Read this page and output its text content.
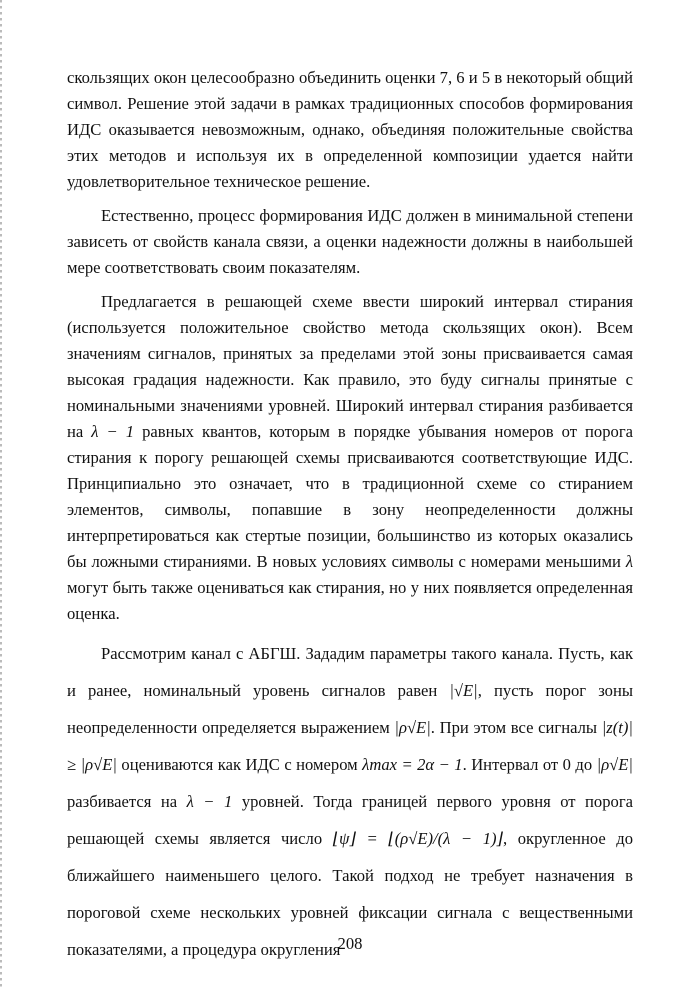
скользящих окон целесообразно объединить оценки 7, 6 и 5 в некоторый общий символ. Решение этой задачи в рамках традиционных способов формирования ИДС оказывается невозможным, однако, объединяя положительные свойства этих методов и используя их в определенной композиции удается найти удовлетворительное техническое решение.

Естественно, процесс формирования ИДС должен в минимальной степени зависеть от свойств канала связи, а оценки надежности должны в наибольшей мере соответствовать своим показателям.

Предлагается в решающей схеме ввести широкий интервал стирания (используется положительное свойство метода скользящих окон). Всем значениям сигналов, принятых за пределами этой зоны присваивается самая высокая градация надежности. Как правило, это буду сигналы принятые с номинальными значениями уровней. Широкий интервал стирания разбивается на λ − 1 равных квантов, которым в порядке убывания номеров от порога стирания к порогу решающей схемы присваиваются соответствующие ИДС. Принципиально это означает, что в традиционной схеме со стиранием элементов, символы, попавшие в зону неопределенности должны интерпретироваться как стертые позиции, большинство из которых оказались бы ложными стираниями. В новых условиях символы с номерами меньшими λ могут быть также оцениваться как стирания, но у них появляется определенная оценка.

Рассмотрим канал с АБГШ. Зададим параметры такого канала. Пусть, как и ранее, номинальный уровень сигналов равен |√E|, пусть порог зоны неопределенности определяется выражением |ρ√E|. При этом все сигналы |z(t)| ≥ |ρ√E| оцениваются как ИДС с номером λmax = 2α − 1. Интервал от 0 до |ρ√E| разбивается на λ − 1 уровней. Тогда границей первого уровня от порога решающей схемы является число ⌊ψ⌋ = ⌊(ρ√E)/(λ − 1)⌋, округленное до ближайшего наименьшего целого. Такой подход не требует назначения в пороговой схеме нескольких уровней фиксации сигнала с вещественными показателями, а процедура округления

208
